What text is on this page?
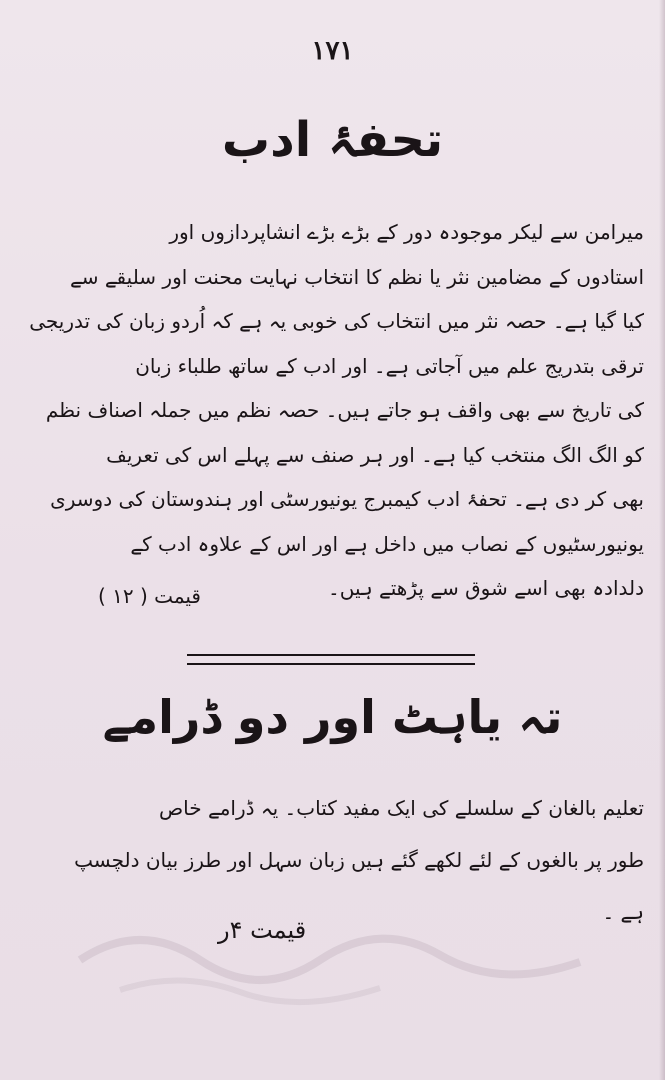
۱۷۱
تحفۂ ادب
میرامن سے لیکر موجودہ دور کے بڑے بڑے انشاپردازوں اور
استادوں کے مضامین نثر یا نظم کا انتخاب نہایت محنت اور سلیقے سے
کیا گیا ہے۔ حصہ نثر میں انتخاب کی خوبی یہ ہے کہ اُردو زبان کی تدریجی
ترقی بتدریج علم میں آجاتی ہے۔ اور ادب کے ساتھ طلباء زبان
کی تاریخ سے بھی واقف ہو جاتے ہیں۔ حصہ نظم میں جملہ اصناف نظم
کو الگ الگ منتخب کیا ہے۔ اور ہر صنف سے پہلے اس کی تعریف
بھی کر دی ہے۔ تحفۂ ادب کیمبرج یونیورسٹی اور ہندوستان کی دوسری
یونیورسٹیوں کے نصاب میں داخل ہے اور اس کے علاوہ ادب کے
دلدادہ بھی اسے شوق سے پڑھتے ہیں۔
قیمت ( ۱۲ )
تہ یاہٹ اور دو ڈرامے
تعلیم بالغان کے سلسلے کی ایک مفید کتاب۔ یہ ڈرامے خاص
طور پر بالغوں کے لئے لکھے گئے ہیں زبان سہل اور طرز بیان دلچسپ
ہے ۔
قیمت ۴ر
